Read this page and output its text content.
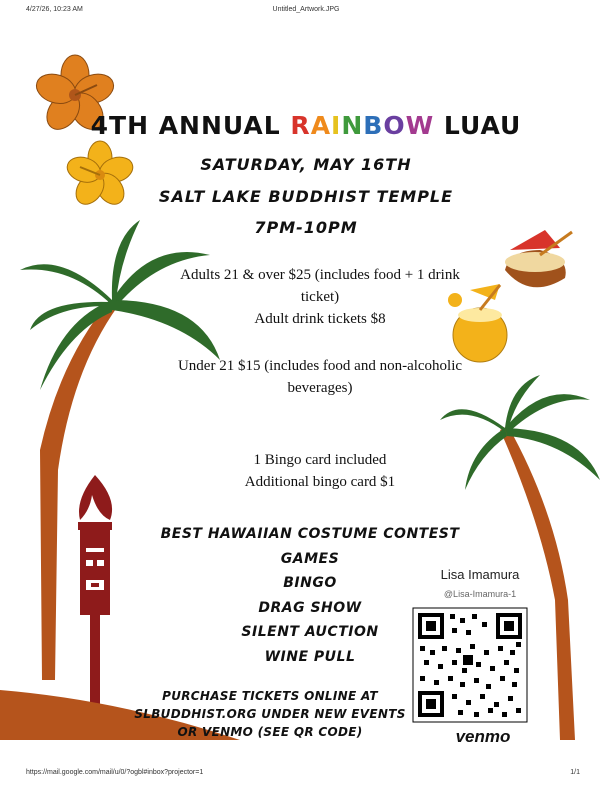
4/27/26, 10:23 AM	Untitled_Artwork.JPG
https://mail.google.com/mail/u/0/?ogbl#inbox?projector=1	1/1
4TH ANNUAL RAINBOW LUAU
SATURDAY, MAY 16TH
SALT LAKE BUDDHIST TEMPLE
7PM-10PM
Adults 21 & over $25 (includes food + 1 drink ticket)
Adult drink tickets $8
Under 21 $15 (includes food and non-alcoholic beverages)
1 Bingo card included
Additional bingo card $1
BEST HAWAIIAN COSTUME CONTEST
GAMES
BINGO
DRAG SHOW
SILENT AUCTION
WINE PULL
PURCHASE TICKETS ONLINE AT
SLBUDDHIST.ORG UNDER NEW EVENTS
OR VENMO (SEE QR CODE)
Lisa Imamura
@Lisa-Imamura-1
venmo
